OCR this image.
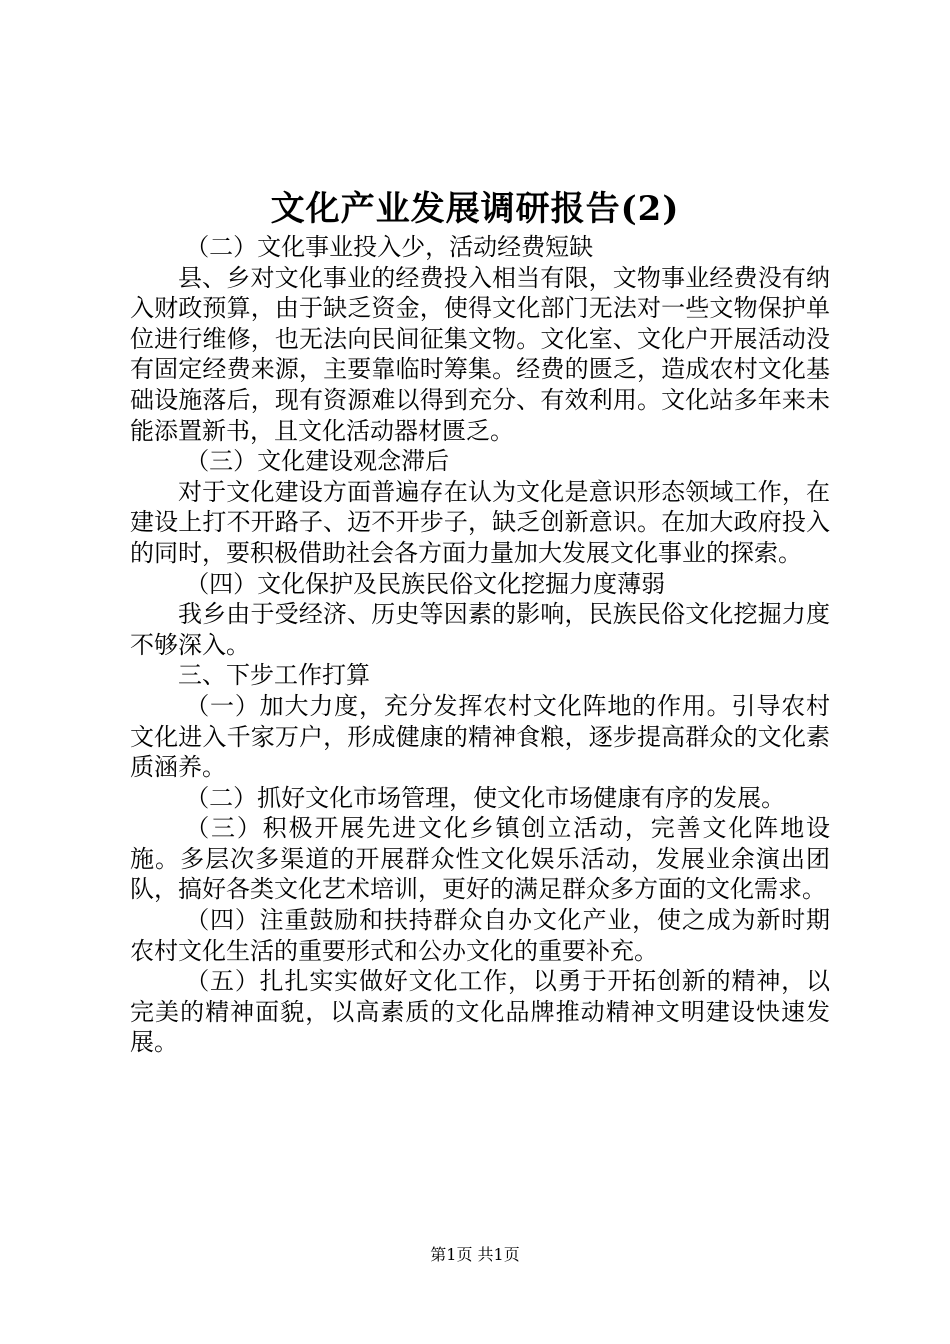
文化产业发展调研报告(2)

（二）文化事业投入少，活动经费短缺

县、乡对文化事业的经费投入相当有限，文物事业经费没有纳入财政预算，由于缺乏资金，使得文化部门无法对一些文物保护单位进行维修，也无法向民间征集文物。文化室、文化户开展活动没有固定经费来源，主要靠临时筹集。经费的匮乏，造成农村文化基础设施落后，现有资源难以得到充分、有效利用。文化站多年来未能添置新书，且文化活动器材匮乏。

（三）文化建设观念滞后

对于文化建设方面普遍存在认为文化是意识形态领域工作，在建设上打不开路子、迈不开步子，缺乏创新意识。在加大政府投入的同时，要积极借助社会各方面力量加大发展文化事业的探索。

（四）文化保护及民族民俗文化挖掘力度薄弱

我乡由于受经济、历史等因素的影响，民族民俗文化挖掘力度不够深入。

三、下步工作打算

（一）加大力度，充分发挥农村文化阵地的作用。引导农村文化进入千家万户，形成健康的精神食粮，逐步提高群众的文化素质涵养。

（二）抓好文化市场管理，使文化市场健康有序的发展。

（三）积极开展先进文化乡镇创立活动，完善文化阵地设施。多层次多渠道的开展群众性文化娱乐活动，发展业余演出团队，搞好各类文化艺术培训，更好的满足群众多方面的文化需求。

（四）注重鼓励和扶持群众自办文化产业，使之成为新时期农村文化生活的重要形式和公办文化的重要补充。

（五）扎扎实实做好文化工作，以勇于开拓创新的精神，以完美的精神面貌，以高素质的文化品牌推动精神文明建设快速发展。

第1页 共1页
